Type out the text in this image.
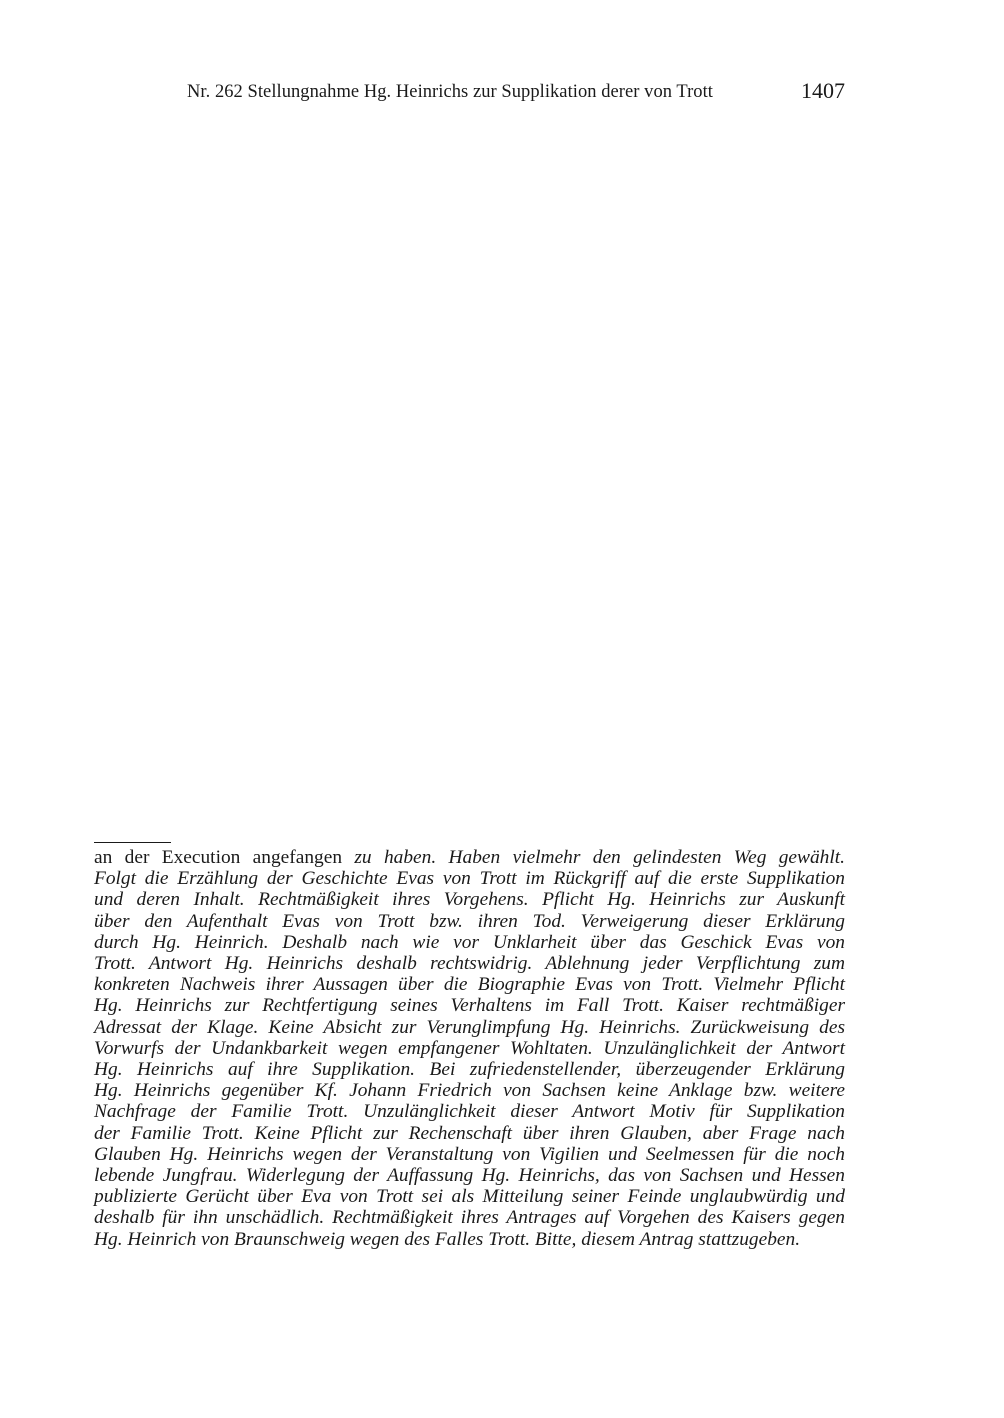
Nr. 262 Stellungnahme Hg. Heinrichs zur Supplikation derer von Trott	1407
an der Execution angefangen zu haben. Haben vielmehr den gelindesten Weg gewählt.
Folgt die Erzählung der Geschichte Evas von Trott im Rückgriff auf die erste Supplikation
und deren Inhalt. Rechtmäßigkeit ihres Vorgehens. Pflicht Hg. Heinrichs zur Auskunft
über den Aufenthalt Evas von Trott bzw. ihren Tod. Verweigerung dieser Erklärung
durch Hg. Heinrich. Deshalb nach wie vor Unklarheit über das Geschick Evas von
Trott. Antwort Hg. Heinrichs deshalb rechtswidrig. Ablehnung jeder Verpflichtung zum
konkreten Nachweis ihrer Aussagen über die Biographie Evas von Trott. Vielmehr Pflicht
Hg. Heinrichs zur Rechtfertigung seines Verhaltens im Fall Trott. Kaiser rechtmäßiger
Adressat der Klage. Keine Absicht zur Verunglimpfung Hg. Heinrichs. Zurückweisung des
Vorwurfs der Undankbarkeit wegen empfangener Wohltaten. Unzulänglichkeit der Antwort
Hg. Heinrichs auf ihre Supplikation. Bei zufriedenstellender, überzeugender Erklärung
Hg. Heinrichs gegenüber Kf. Johann Friedrich von Sachsen keine Anklage bzw. weitere
Nachfrage der Familie Trott. Unzulänglichkeit dieser Antwort Motiv für Supplikation
der Familie Trott. Keine Pflicht zur Rechenschaft über ihren Glauben, aber Frage nach
Glauben Hg. Heinrichs wegen der Veranstaltung von Vigilien und Seelmessen für die noch
lebende Jungfrau. Widerlegung der Auffassung Hg. Heinrichs, das von Sachsen und Hessen
publizierte Gerücht über Eva von Trott sei als Mitteilung seiner Feinde unglaubwürdig und
deshalb für ihn unschädlich. Rechtmäßigkeit ihres Antrages auf Vorgehen des Kaisers gegen
Hg. Heinrich von Braunschweig wegen des Falles Trott. Bitte, diesem Antrag stattzugeben.
